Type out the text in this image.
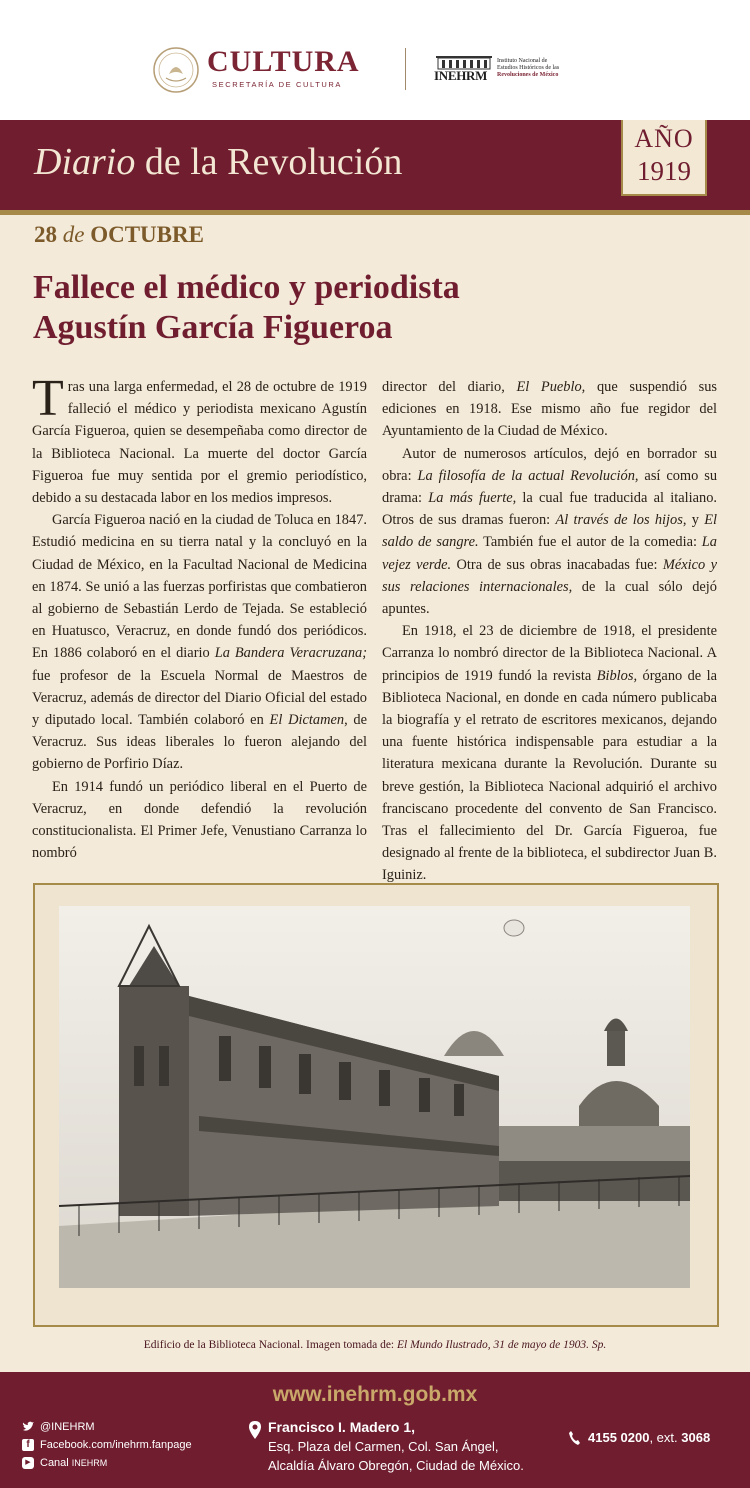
CULTURA
SECRETARÍA DE CULTURA
INEHRM
Instituto Nacional de
Estudios Históricos de las
Revoluciones de México
Diario de la Revolución
AÑO
1919
28 de OCTUBRE
Fallece el médico y periodista
Agustín García Figueroa

Tras una larga enfermedad, el 28 de octubre de 1919 falleció el médico y periodista mexicano Agustín García Figueroa, quien se desempeñaba como director de la Biblioteca Nacional. La muerte del doctor García Figueroa fue muy sentida por el gremio periodístico, debido a su destacada labor en los medios impresos.

García Figueroa nació en la ciudad de Toluca en 1847. Estudió medicina en su tierra natal y la concluyó en la Ciudad de México, en la Facultad Nacional de Medicina en 1874. Se unió a las fuerzas porfiristas que combatieron al gobierno de Sebastián Lerdo de Tejada. Se estableció en Huatusco, Veracruz, en donde fundó dos periódicos. En 1886 colaboró en el diario La Bandera Veracruzana; fue profesor de la Escuela Normal de Maestros de Veracruz, además de director del Diario Oficial del estado y diputado local. También colaboró en El Dictamen, de Veracruz. Sus ideas liberales lo fueron alejando del gobierno de Porfirio Díaz.

En 1914 fundó un periódico liberal en el Puerto de Veracruz, en donde defendió la revolución constitucionalista. El Primer Jefe, Venustiano Carranza lo nombró

director del diario, El Pueblo, que suspendió sus ediciones en 1918. Ese mismo año fue regidor del Ayuntamiento de la Ciudad de México.

Autor de numerosos artículos, dejó en borrador su obra: La filosofía de la actual Revolución, así como su drama: La más fuerte, la cual fue traducida al italiano. Otros de sus dramas fueron: Al través de los hijos, y El saldo de sangre. También fue el autor de la comedia: La vejez verde. Otra de sus obras inacabadas fue: México y sus relaciones internacionales, de la cual sólo dejó apuntes.

En 1918, el 23 de diciembre de 1918, el presidente Carranza lo nombró director de la Biblioteca Nacional. A principios de 1919 fundó la revista Biblos, órgano de la Biblioteca Nacional, en donde en cada número publicaba la biografía y el retrato de escritores mexicanos, dejando una fuente histórica indispensable para estudiar a la literatura mexicana durante la Revolución. Durante su breve gestión, la Biblioteca Nacional adquirió el archivo franciscano procedente del convento de San Francisco. Tras el fallecimiento del Dr. García Figueroa, fue designado al frente de la biblioteca, el subdirector Juan B. Iguiniz.

Edificio de la Biblioteca Nacional. Imagen tomada de: El Mundo Ilustrado, 31 de mayo de 1903. Sp.
www.inehrm.gob.mx
@INEHRM
f Facebook.com/inehrm.fanpage
▶ Canal INEHRM
Francisco I. Madero 1,
Esq. Plaza del Carmen, Col. San Ángel,
Alcaldía Álvaro Obregón, Ciudad de México.
4155 0200, ext. 3068
